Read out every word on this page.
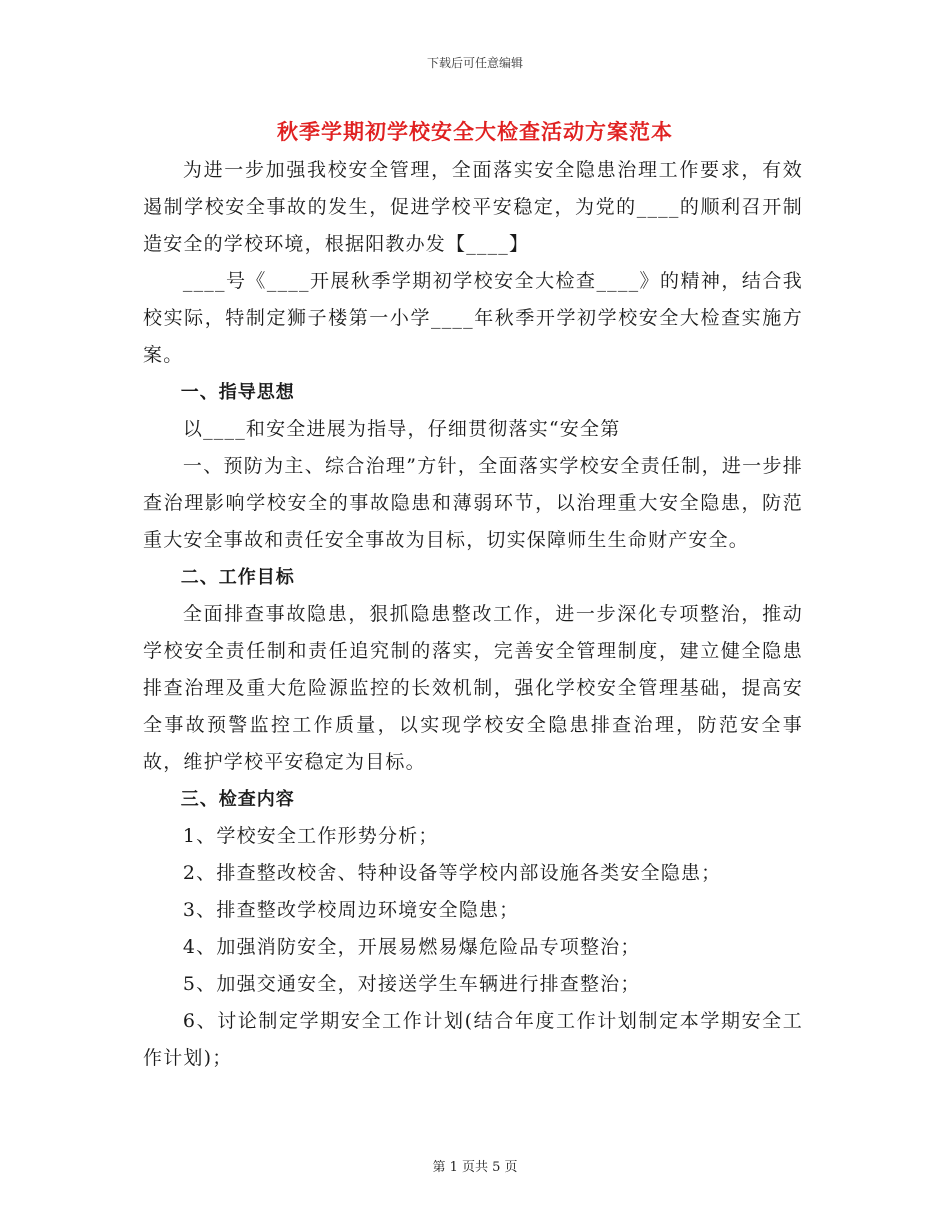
下载后可任意编辑
秋季学期初学校安全大检查活动方案范本

为进一步加强我校安全管理，全面落实安全隐患治理工作要求，有效遏制学校安全事故的发生，促进学校平安稳定，为党的____的顺利召开制造安全的学校环境，根据阳教办发【____】

____号《____开展秋季学期初学校安全大检查____》的精神，结合我校实际，特制定狮子楼第一小学____年秋季开学初学校安全大检查实施方案。

一、指导思想

以____和安全进展为指导，仔细贯彻落实“安全第

一、预防为主、综合治理”方针，全面落实学校安全责任制，进一步排查治理影响学校安全的事故隐患和薄弱环节，以治理重大安全隐患，防范重大安全事故和责任安全事故为目标，切实保障师生生命财产安全。

二、工作目标

全面排查事故隐患，狠抓隐患整改工作，进一步深化专项整治，推动学校安全责任制和责任追究制的落实，完善安全管理制度，建立健全隐患排查治理及重大危险源监控的长效机制，强化学校安全管理基础，提高安全事故预警监控工作质量，以实现学校安全隐患排查治理，防范安全事故，维护学校平安稳定为目标。

三、检查内容

1、学校安全工作形势分析；

2、排查整改校舍、特种设备等学校内部设施各类安全隐患；

3、排查整改学校周边环境安全隐患；

4、加强消防安全，开展易燃易爆危险品专项整治；

5、加强交通安全，对接送学生车辆进行排查整治；

6、讨论制定学期安全工作计划(结合年度工作计划制定本学期安全工作计划)；

第 1 页共 5 页
